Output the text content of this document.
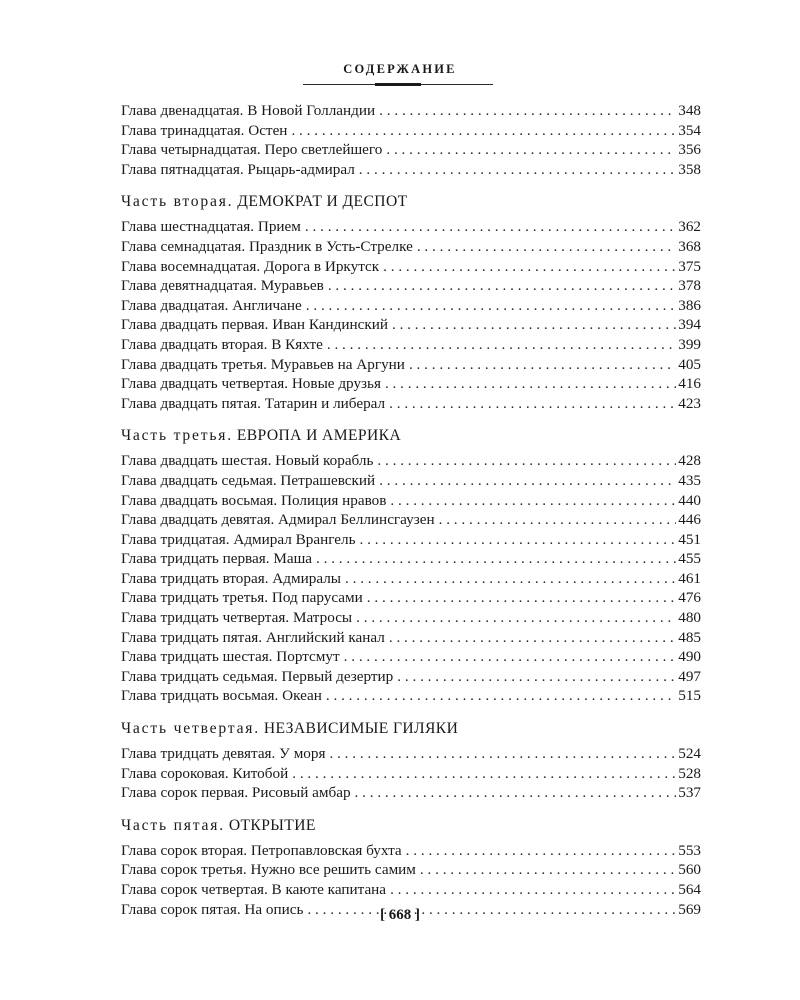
СОДЕРЖАНИЕ
Глава двенадцатая. В Новой Голландии . . .	348
Глава тринадцатая. Остен . . .	354
Глава четырнадцатая. Перо светлейшего . . .	356
Глава пятнадцатая. Рыцарь-адмирал . . .	358
Часть вторая. ДЕМОКРАТ И ДЕСПОТ
Глава шестнадцатая. Прием . . .	362
Глава семнадцатая. Праздник в Усть-Стрелке . . .	368
Глава восемнадцатая. Дорога в Иркутск . . .	375
Глава девятнадцатая. Муравьев . . .	378
Глава двадцатая. Англичане . . .	386
Глава двадцать первая. Иван Кандинский . . .	394
Глава двадцать вторая. В Кяхте . . .	399
Глава двадцать третья. Муравьев на Аргуни . . .	405
Глава двадцать четвертая. Новые друзья . . .	416
Глава двадцать пятая. Татарин и либерал . . .	423
Часть третья. ЕВРОПА И АМЕРИКА
Глава двадцать шестая. Новый корабль . . .	428
Глава двадцать седьмая. Петрашевский . . .	435
Глава двадцать восьмая. Полиция нравов . . .	440
Глава двадцать девятая. Адмирал Беллинсгаузен . . .	446
Глава тридцатая. Адмирал Врангель . . .	451
Глава тридцать первая. Маша . . .	455
Глава тридцать вторая. Адмиралы . . .	461
Глава тридцать третья. Под парусами . . .	476
Глава тридцать четвертая. Матросы . . .	480
Глава тридцать пятая. Английский канал . . .	485
Глава тридцать шестая. Портсмут . . .	490
Глава тридцать седьмая. Первый дезертир . . .	497
Глава тридцать восьмая. Океан . . .	515
Часть четвертая. НЕЗАВИСИМЫЕ ГИЛЯКИ
Глава тридцать девятая. У моря . . .	524
Глава сороковая. Китобой . . .	528
Глава сорок первая. Рисовый амбар . . .	537
Часть пятая. ОТКРЫТИЕ
Глава сорок вторая. Петропавловская бухта . . .	553
Глава сорок третья. Нужно все решить самим . . .	560
Глава сорок четвертая. В каюте капитана . . .	564
Глава сорок пятая. На опись . . .	569
[ 668 ]
